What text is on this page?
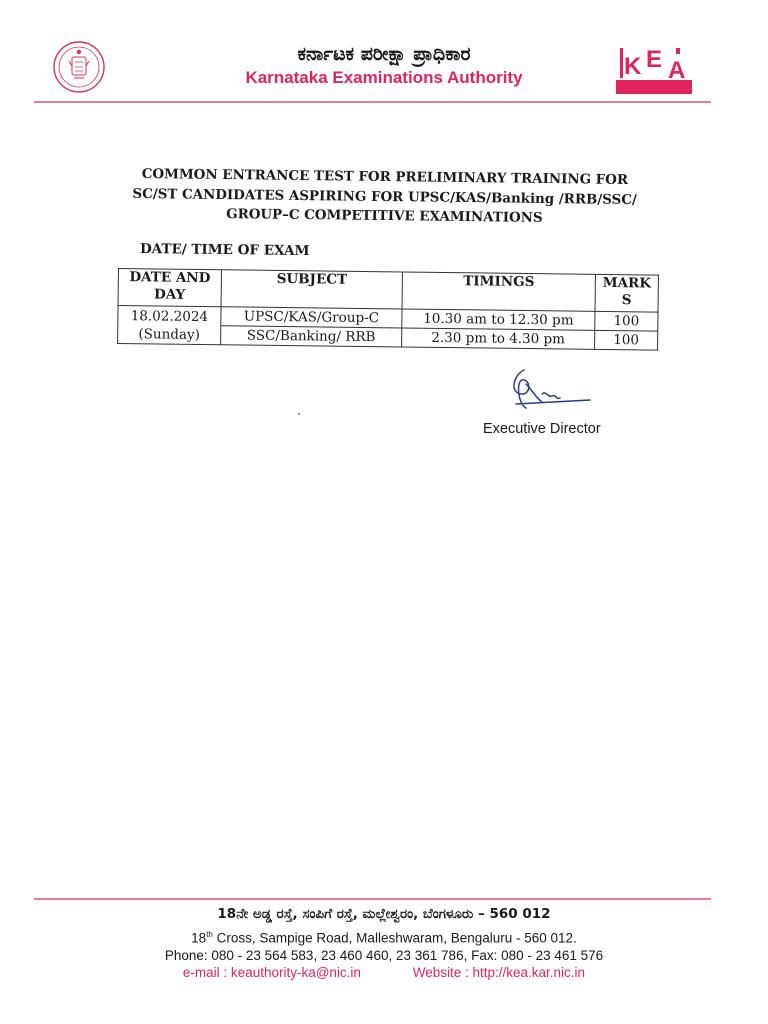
ಕರ್ನಾಟಕ ಪರೀಕ್ಷಾ ಪ್ರಾಧಿಕಾರ
Karnataka Examinations Authority	K E A
COMMON ENTRANCE TEST FOR PRELIMINARY TRAINING FOR
SC/ST CANDIDATES ASPIRING FOR UPSC/KAS/Banking /RRB/SSC/
GROUP–C COMPETITIVE EXAMINATIONS
DATE/ TIME OF EXAM
DATE AND DAY	SUBJECT	TIMINGS	MARKS

18.02.2024
(Sunday)	UPSC/KAS/Group-C	10.30 am to 12.30 pm	100
	SSC/Banking/ RRB	2.30 pm to 4.30 pm	100
Executive Director
18ನೇ ಅಡ್ಡ ರಸ್ತೆ, ಸಂಪಿಗೆ ರಸ್ತೆ, ಮಲ್ಲೇಶ್ವರಂ, ಬೆಂಗಳೂರು – 560 012
18th Cross, Sampige Road, Malleshwaram, Bengaluru - 560 012.
Phone: 080 - 23 564 583, 23 460 460, 23 361 786, Fax: 080 - 23 461 576
e-mail : keauthority-ka@nic.in	Website : http://kea.kar.nic.in
